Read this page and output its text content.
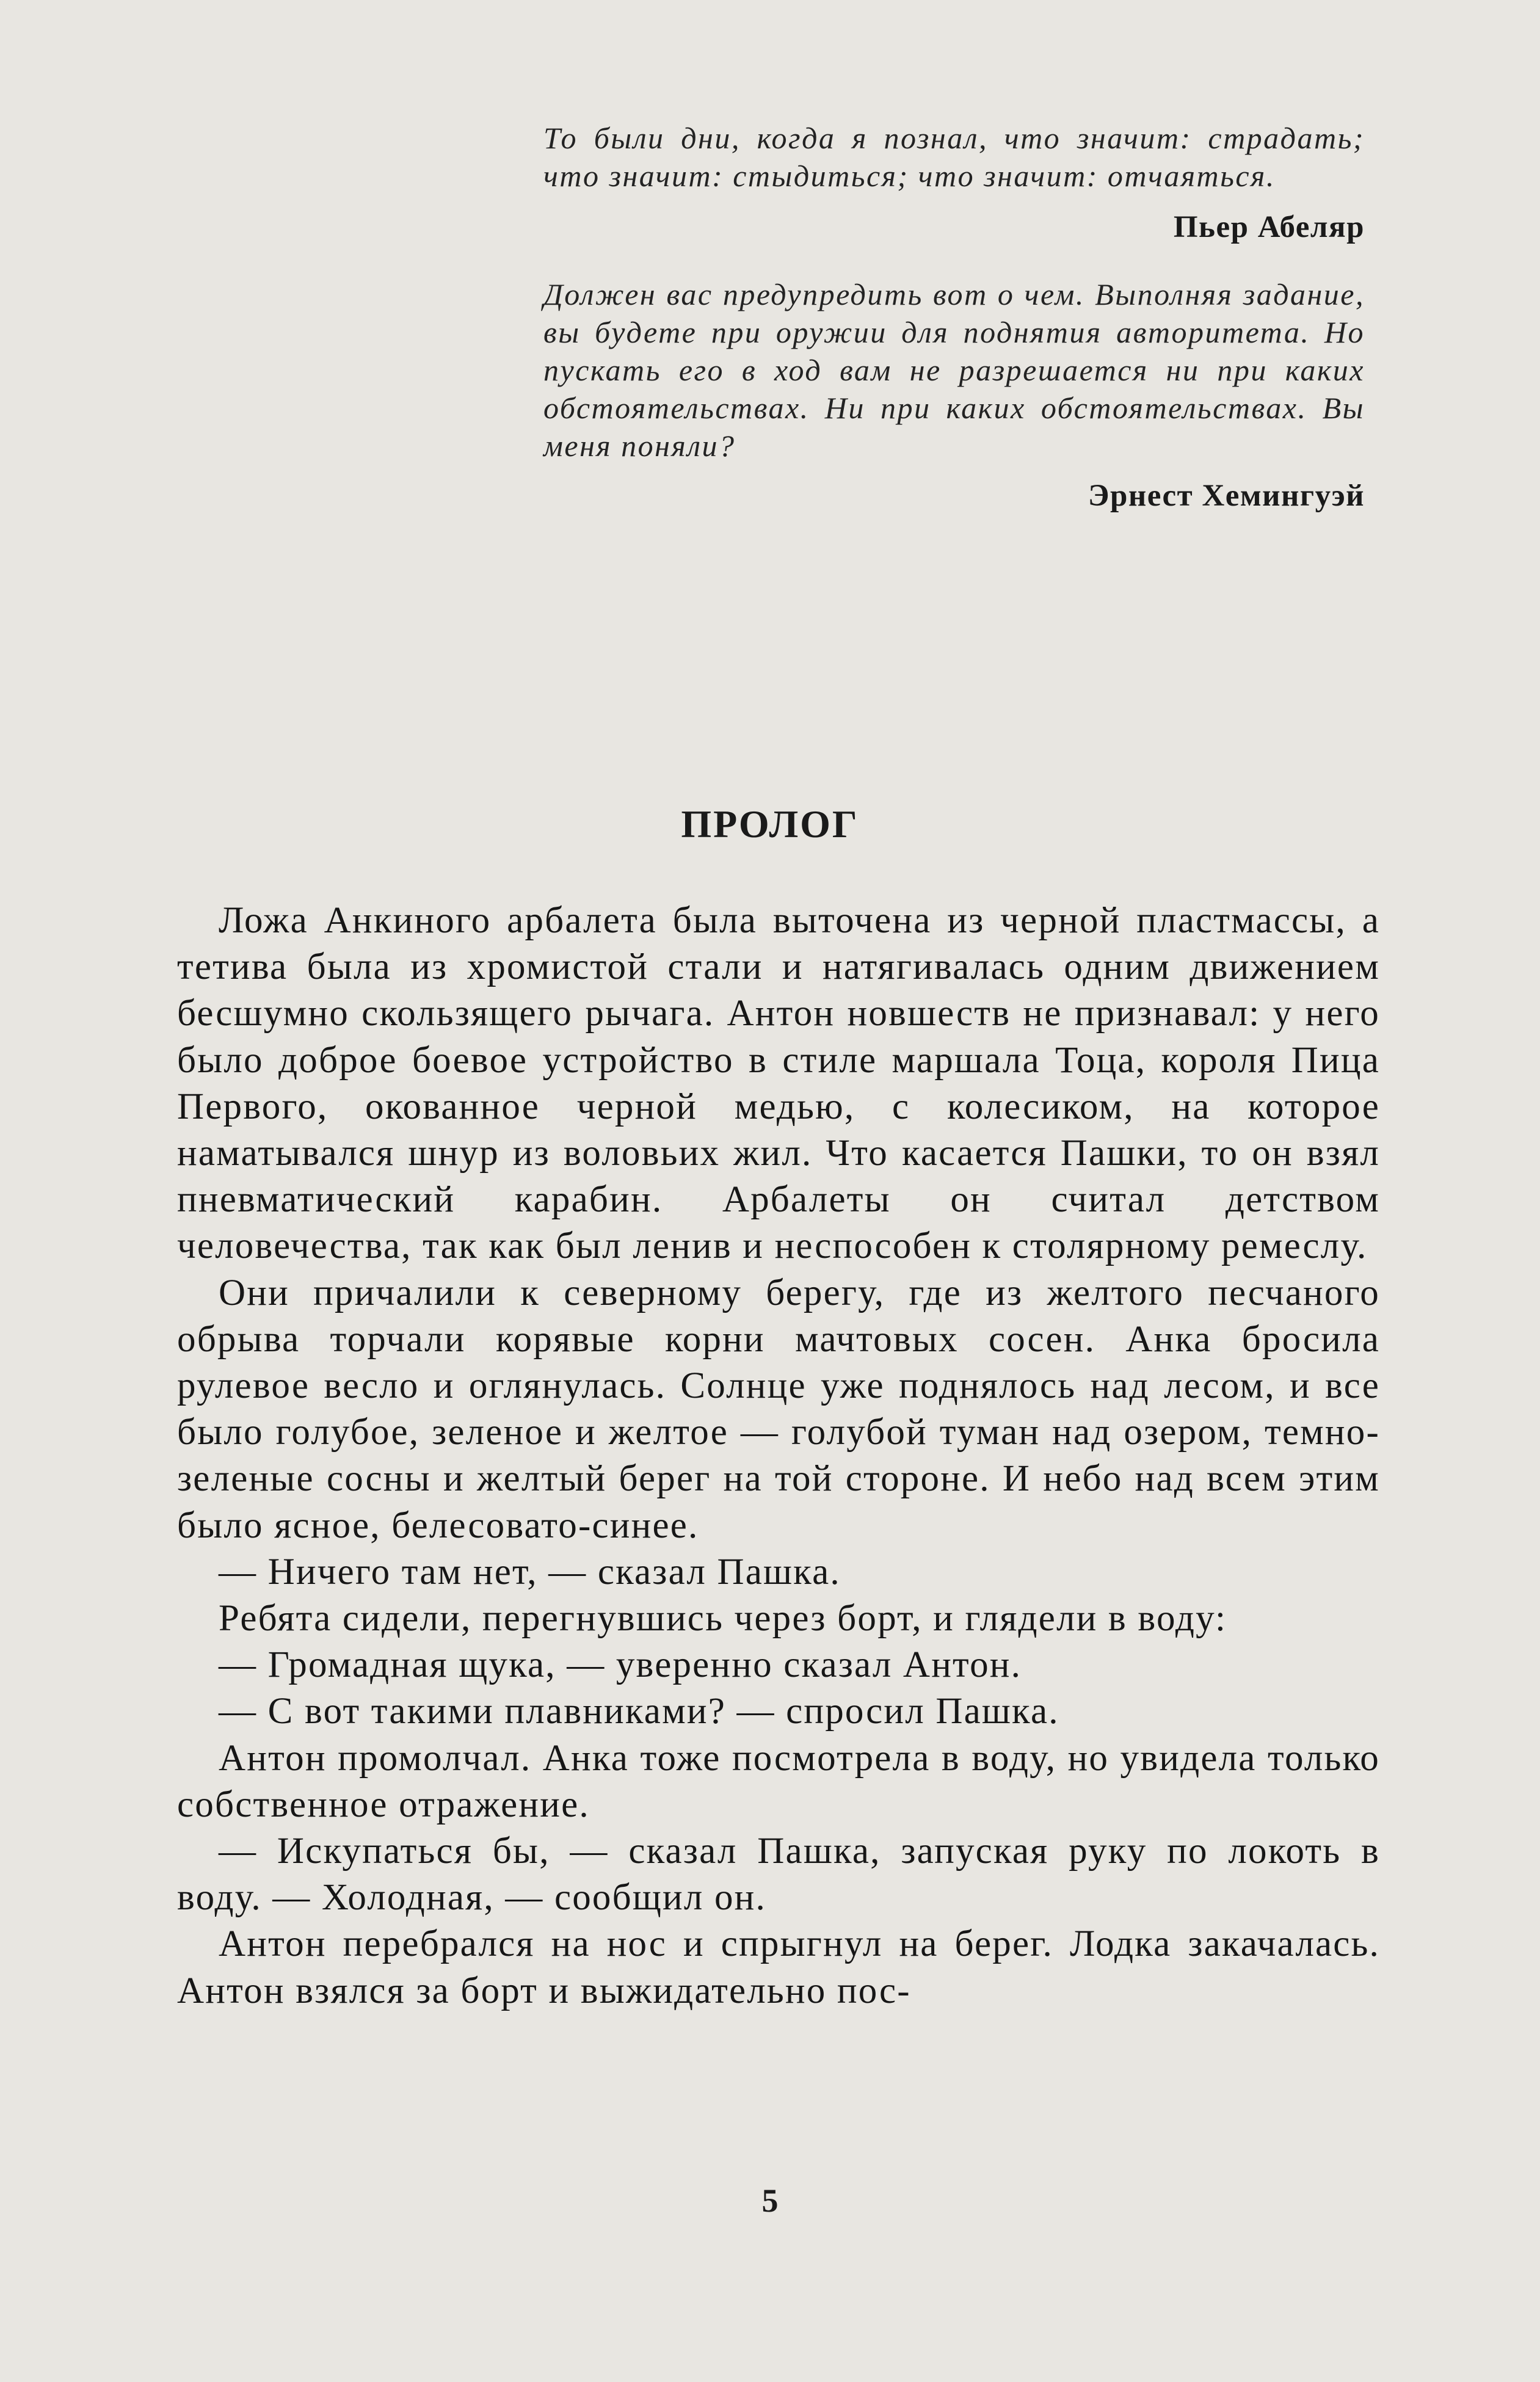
То были дни, когда я познал, что значит: страдать; что значит: стыдиться; что значит: отчаяться.

Пьер Абеляр

Должен вас предупредить вот о чем. Выполняя задание, вы будете при оружии для поднятия авторитета. Но пускать его в ход вам не разрешается ни при каких обстоятельствах. Ни при каких обстоятельствах. Вы меня поняли?

Эрнест Хемингуэй

ПРОЛОГ

Ложа Анкиного арбалета была выточена из черной пластмассы, а тетива была из хромистой стали и натягивалась одним движением бесшумно скользящего рычага. Антон новшеств не признавал: у него было доброе боевое устройство в стиле маршала Тоца, короля Пица Первого, окованное черной медью, с колесиком, на которое наматывался шнур из воловьих жил. Что касается Пашки, то он взял пневматический карабин. Арбалеты он считал детством человечества, так как был ленив и неспособен к столярному ремеслу.

Они причалили к северному берегу, где из желтого песчаного обрыва торчали корявые корни мачтовых сосен. Анка бросила рулевое весло и оглянулась. Солнце уже поднялось над лесом, и все было голубое, зеленое и желтое — голубой туман над озером, темно-зеленые сосны и желтый берег на той стороне. И небо над всем этим было ясное, белесовато-синее.

— Ничего там нет, — сказал Пашка.

Ребята сидели, перегнувшись через борт, и глядели в воду:

— Громадная щука, — уверенно сказал Антон.

— С вот такими плавниками? — спросил Пашка.

Антон промолчал. Анка тоже посмотрела в воду, но увидела только собственное отражение.

— Искупаться бы, — сказал Пашка, запуская руку по локоть в воду. — Холодная, — сообщил он.

Антон перебрался на нос и спрыгнул на берег. Лодка закачалась. Антон взялся за борт и выжидательно пос-

5
